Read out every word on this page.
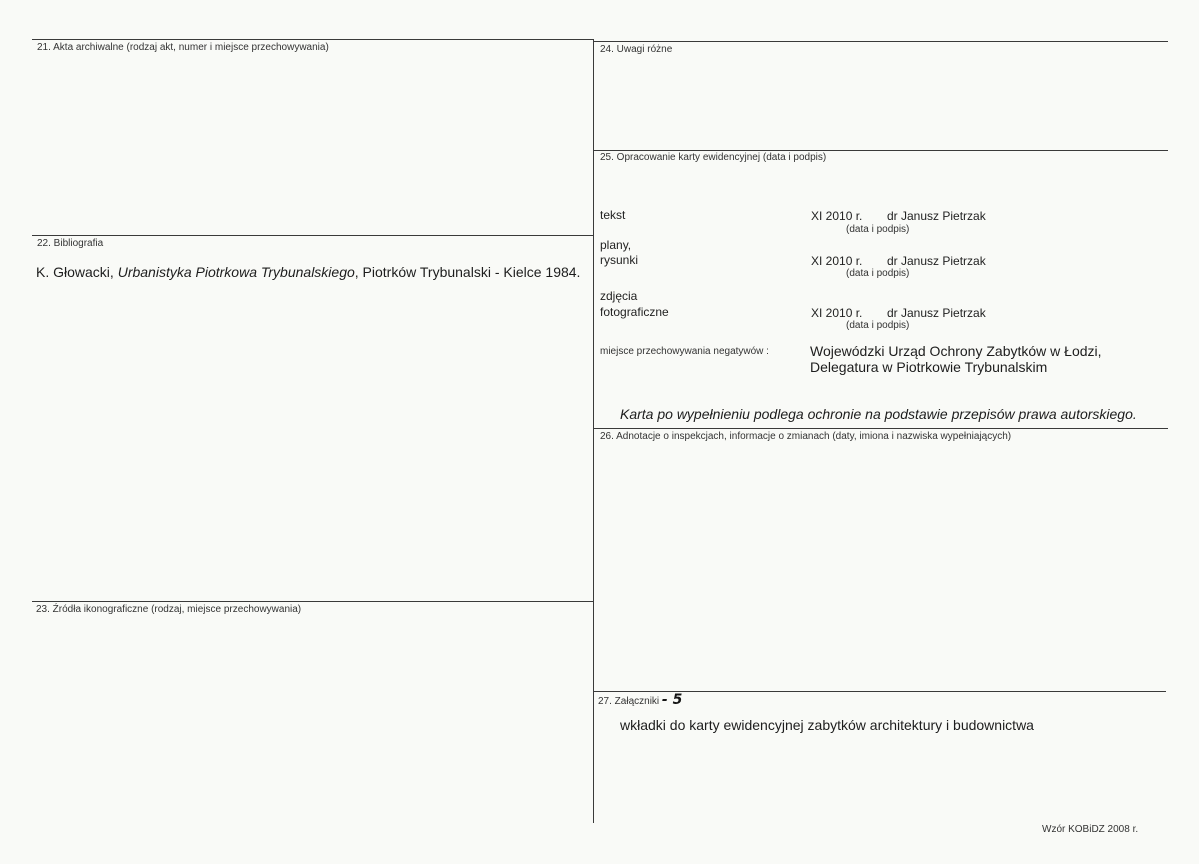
21. Akta archiwalne (rodzaj akt, numer i miejsce przechowywania)
22. Bibliografia
K. Głowacki, Urbanistyka Piotrkowa Trybunalskiego, Piotrków Trybunalski - Kielce 1984.
23. Źródła ikonograficzne (rodzaj, miejsce przechowywania)
24. Uwagi różne
25. Opracowanie karty ewidencyjnej (data i podpis)
tekst	XI 2010 r. dr Janusz Pietrzak
(data i podpis)
plany,
rysunki	XI 2010 r. dr Janusz Pietrzak
(data i podpis)
zdjęcia
fotograficzne	XI 2010 r. dr Janusz Pietrzak
(data i podpis)
miejsce przechowywania negatywów :	Wojewódzki Urząd Ochrony Zabytków w Łodzi,
Delegatura w Piotrkowie Trybunalskim
Karta po wypełnieniu podlega ochronie na podstawie przepisów prawa autorskiego.
26. Adnotacje o inspekcjach, informacje o zmianach (daty, imiona i nazwiska wypełniających)
27. Załączniki - 5
wkładki do karty ewidencyjnej zabytków architektury i budownictwa
Wzór KOBiDZ 2008 r.
